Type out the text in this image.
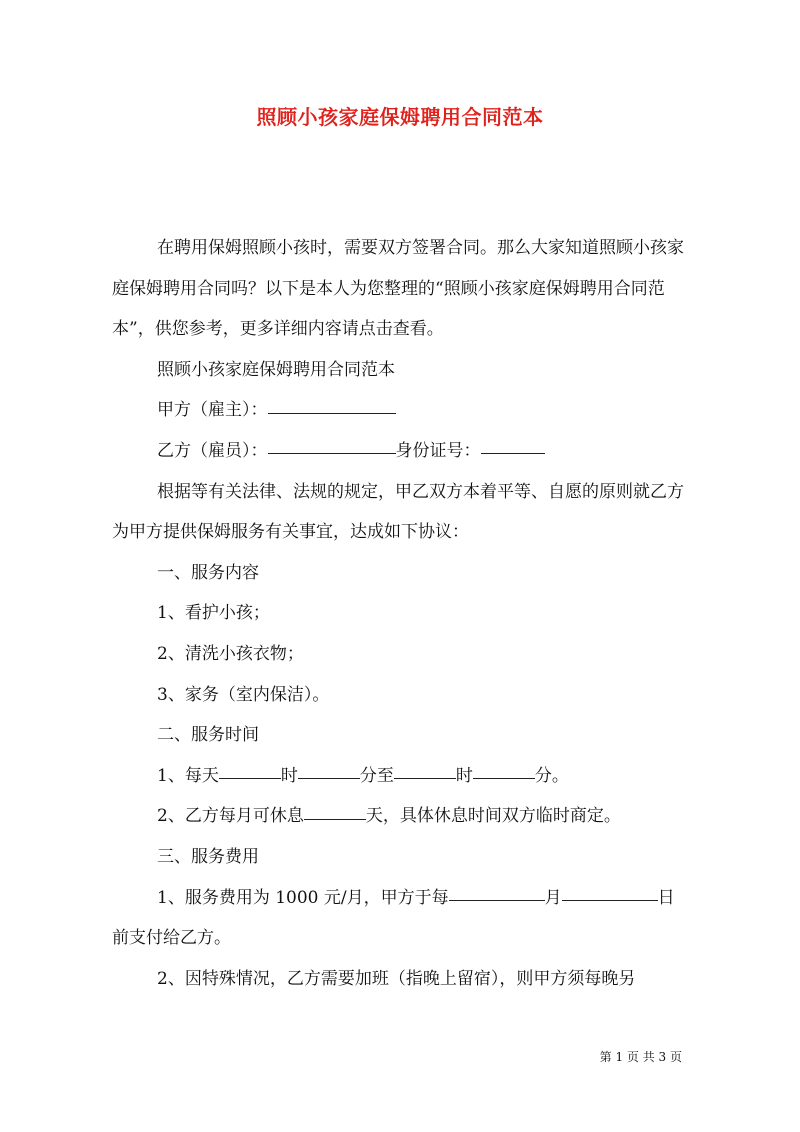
照顾小孩家庭保姆聘用合同范本

在聘用保姆照顾小孩时，需要双方签署合同。那么大家知道照顾小孩家庭保姆聘用合同吗？以下是本人为您整理的“照顾小孩家庭保姆聘用合同范本”，供您参考，更多详细内容请点击查看。

照顾小孩家庭保姆聘用合同范本

甲方（雇主）：

乙方（雇员）：	身份证号：

根据等有关法律、法规的规定，甲乙双方本着平等、自愿的原则就乙方为甲方提供保姆服务有关事宜，达成如下协议：

一、服务内容

1、看护小孩；

2、清洗小孩衣物；

3、家务（室内保洁）。

二、服务时间

1、每天	时	分至	时	分。

2、乙方每月可休息	天，具体休息时间双方临时商定。

三、服务费用

1、服务费用为 1000 元/月，甲方于每	月	日前支付给乙方。

2、因特殊情况，乙方需要加班（指晚上留宿），则甲方须每晚另

第 1 页 共 3 页
